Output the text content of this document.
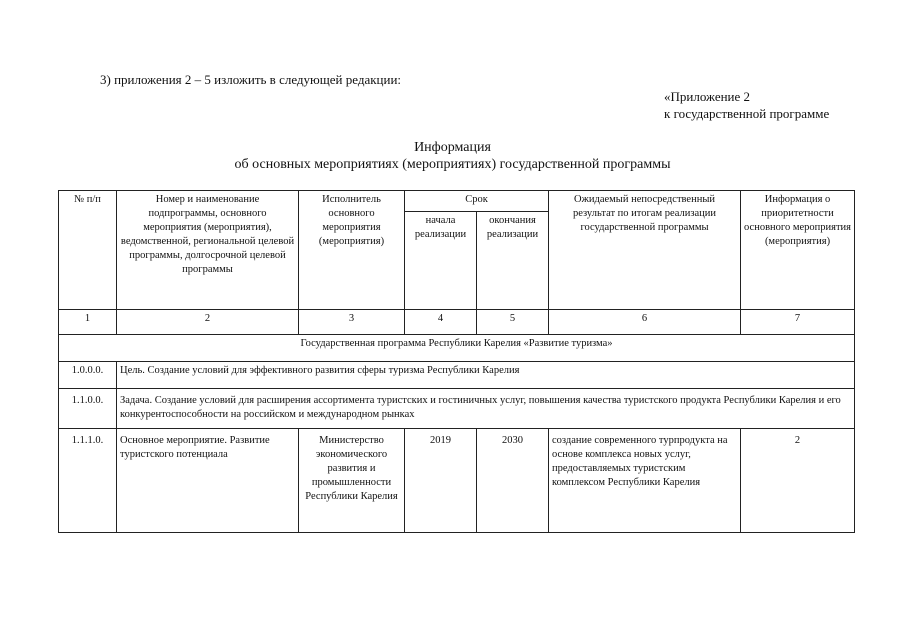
3) приложения 2 – 5 изложить в следующей редакции:
«Приложение 2
к государственной программе
Информация
об основных мероприятиях (мероприятиях) государственной программы
№ п/п	Номер и наименование подпрограммы, основного мероприятия (мероприятия), ведомственной, региональной целевой программы, долгосрочной целевой программы	Исполнитель основного мероприятия (мероприятия)	Срок		Ожидаемый непосредственный результат по итогам реализации государственной программы	Информация о приоритетности основного мероприятия (мероприятия)
			начала реализации	окончания реализации		
1	2	3	4	5	6	7
Государственная программа Республики Карелия «Развитие туризма»						
1.0.0.0.	Цель. Создание условий для эффективного развития сферы туризма Республики Карелия					
1.1.0.0.	Задача. Создание условий для расширения ассортимента туристских и гостиничных услуг, повышения качества туристского продукта Республики Карелия и его конкурентоспособности на российском и международном рынках					
1.1.1.0.	Основное мероприятие. Развитие туристского потенциала	Министерство экономического развития и промышленности Республики Карелия	2019	2030	создание современного турпродукта на основе комплекса новых услуг, предоставляемых туристским комплексом Республики Карелия	2
